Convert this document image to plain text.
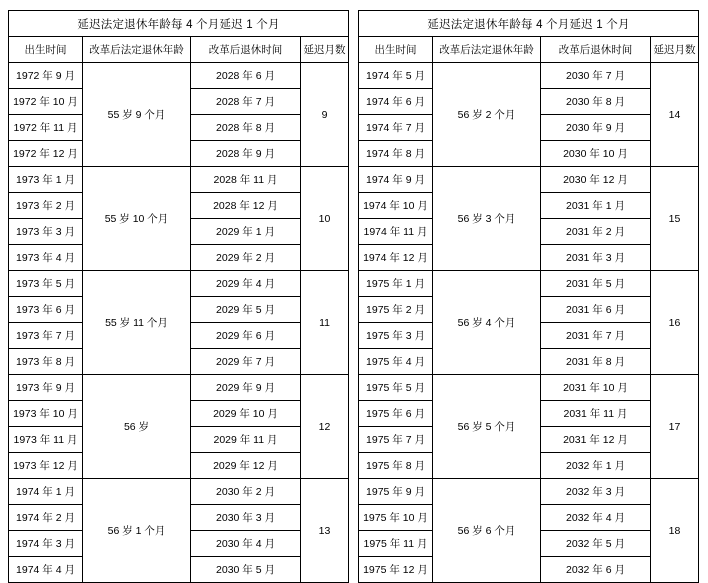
延迟法定退休年龄每 4 个月延迟 1 个月			
出生时间	改革后法定退休年龄	改革后退休时间	延迟月数
1972 年 9 月	55 岁 9 个月	2028 年 6 月	9
1972 年 10 月		2028 年 7 月	
1972 年 11 月		2028 年 8 月	
1972 年 12 月		2028 年 9 月	
1973 年 1 月	55 岁 10 个月	2028 年 11 月	10
1973 年 2 月		2028 年 12 月	
1973 年 3 月		2029 年 1 月	
1973 年 4 月		2029 年 2 月	
1973 年 5 月	55 岁 11 个月	2029 年 4 月	11
1973 年 6 月		2029 年 5 月	
1973 年 7 月		2029 年 6 月	
1973 年 8 月		2029 年 7 月	
1973 年 9 月	56 岁	2029 年 9 月	12
1973 年 10 月		2029 年 10 月	
1973 年 11 月		2029 年 11 月	
1973 年 12 月		2029 年 12 月	
1974 年 1 月	56 岁 1 个月	2030 年 2 月	13
1974 年 2 月		2030 年 3 月	
1974 年 3 月		2030 年 4 月	
1974 年 4 月		2030 年 5 月	
延迟法定退休年龄每 4 个月延迟 1 个月			
出生时间	改革后法定退休年龄	改革后退休时间	延迟月数
1974 年 5 月	56 岁 2 个月	2030 年 7 月	14
1974 年 6 月		2030 年 8 月	
1974 年 7 月		2030 年 9 月	
1974 年 8 月		2030 年 10 月	
1974 年 9 月	56 岁 3 个月	2030 年 12 月	15
1974 年 10 月		2031 年 1 月	
1974 年 11 月		2031 年 2 月	
1974 年 12 月		2031 年 3 月	
1975 年 1 月	56 岁 4 个月	2031 年 5 月	16
1975 年 2 月		2031 年 6 月	
1975 年 3 月		2031 年 7 月	
1975 年 4 月		2031 年 8 月	
1975 年 5 月	56 岁 5 个月	2031 年 10 月	17
1975 年 6 月		2031 年 11 月	
1975 年 7 月		2031 年 12 月	
1975 年 8 月		2032 年 1 月	
1975 年 9 月	56 岁 6 个月	2032 年 3 月	18
1975 年 10 月		2032 年 4 月	
1975 年 11 月		2032 年 5 月	
1975 年 12 月		2032 年 6 月	
